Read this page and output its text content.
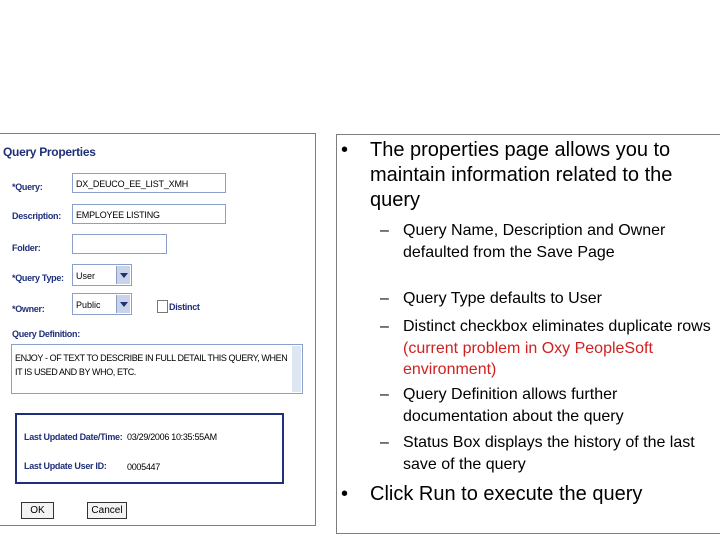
Query Properties
*Query:	DX_DEUCO_EE_LIST_XMH
Description:	EMPLOYEE LISTING
Folder:
*Query Type:	User
*Owner:	Public	Distinct
Query Definition:
ENJOY - OF TEXT TO DESCRIBE IN FULL DETAIL THIS QUERY, WHEN
IT IS USED AND BY WHO, ETC.
Last Updated Date/Time: 03/29/2006 10:35:55AM
Last Update User ID: 0005447
OK	Cancel
• The properties page allows you to maintain information related to the query
– Query Name, Description and Owner defaulted from the Save Page
– Query Type defaults to User
– Distinct checkbox eliminates duplicate rows (current problem in Oxy PeopleSoft environment)
– Query Definition allows further documentation about the query
– Status Box displays the history of the last save of the query
• Click Run to execute the query
